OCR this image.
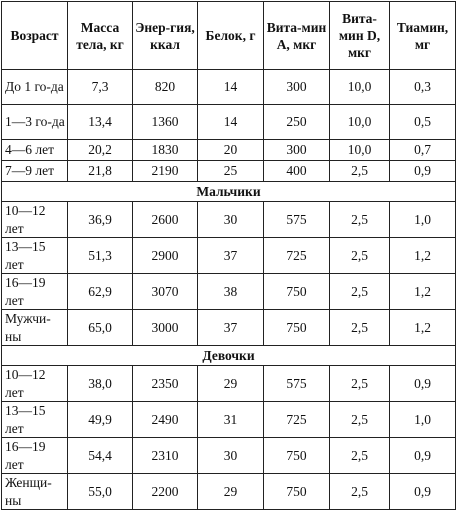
Возраст	Масса тела, кг	Энер-гия, ккал	Белок, г	Вита-мин А, мкг	Вита-мин D, мкг	Тиамин, мг
До 1 го-да	7,3	820	14	300	10,0	0,3
1—3 го-да	13,4	1360	14	250	10,0	0,5
4—6 лет	20,2	1830	20	300	10,0	0,7
7—9 лет	21,8	2190	25	400	2,5	0,9
Мальчики						
10—12 лет	36,9	2600	30	575	2,5	1,0
13—15 лет	51,3	2900	37	725	2,5	1,2
16—19 лет	62,9	3070	38	750	2,5	1,2
Мужчи-ны	65,0	3000	37	750	2,5	1,2
Девочки						
10—12 лет	38,0	2350	29	575	2,5	0,9
13—15 лет	49,9	2490	31	725	2,5	1,0
16—19 лет	54,4	2310	30	750	2,5	0,9
Женщи-ны	55,0	2200	29	750	2,5	0,9
